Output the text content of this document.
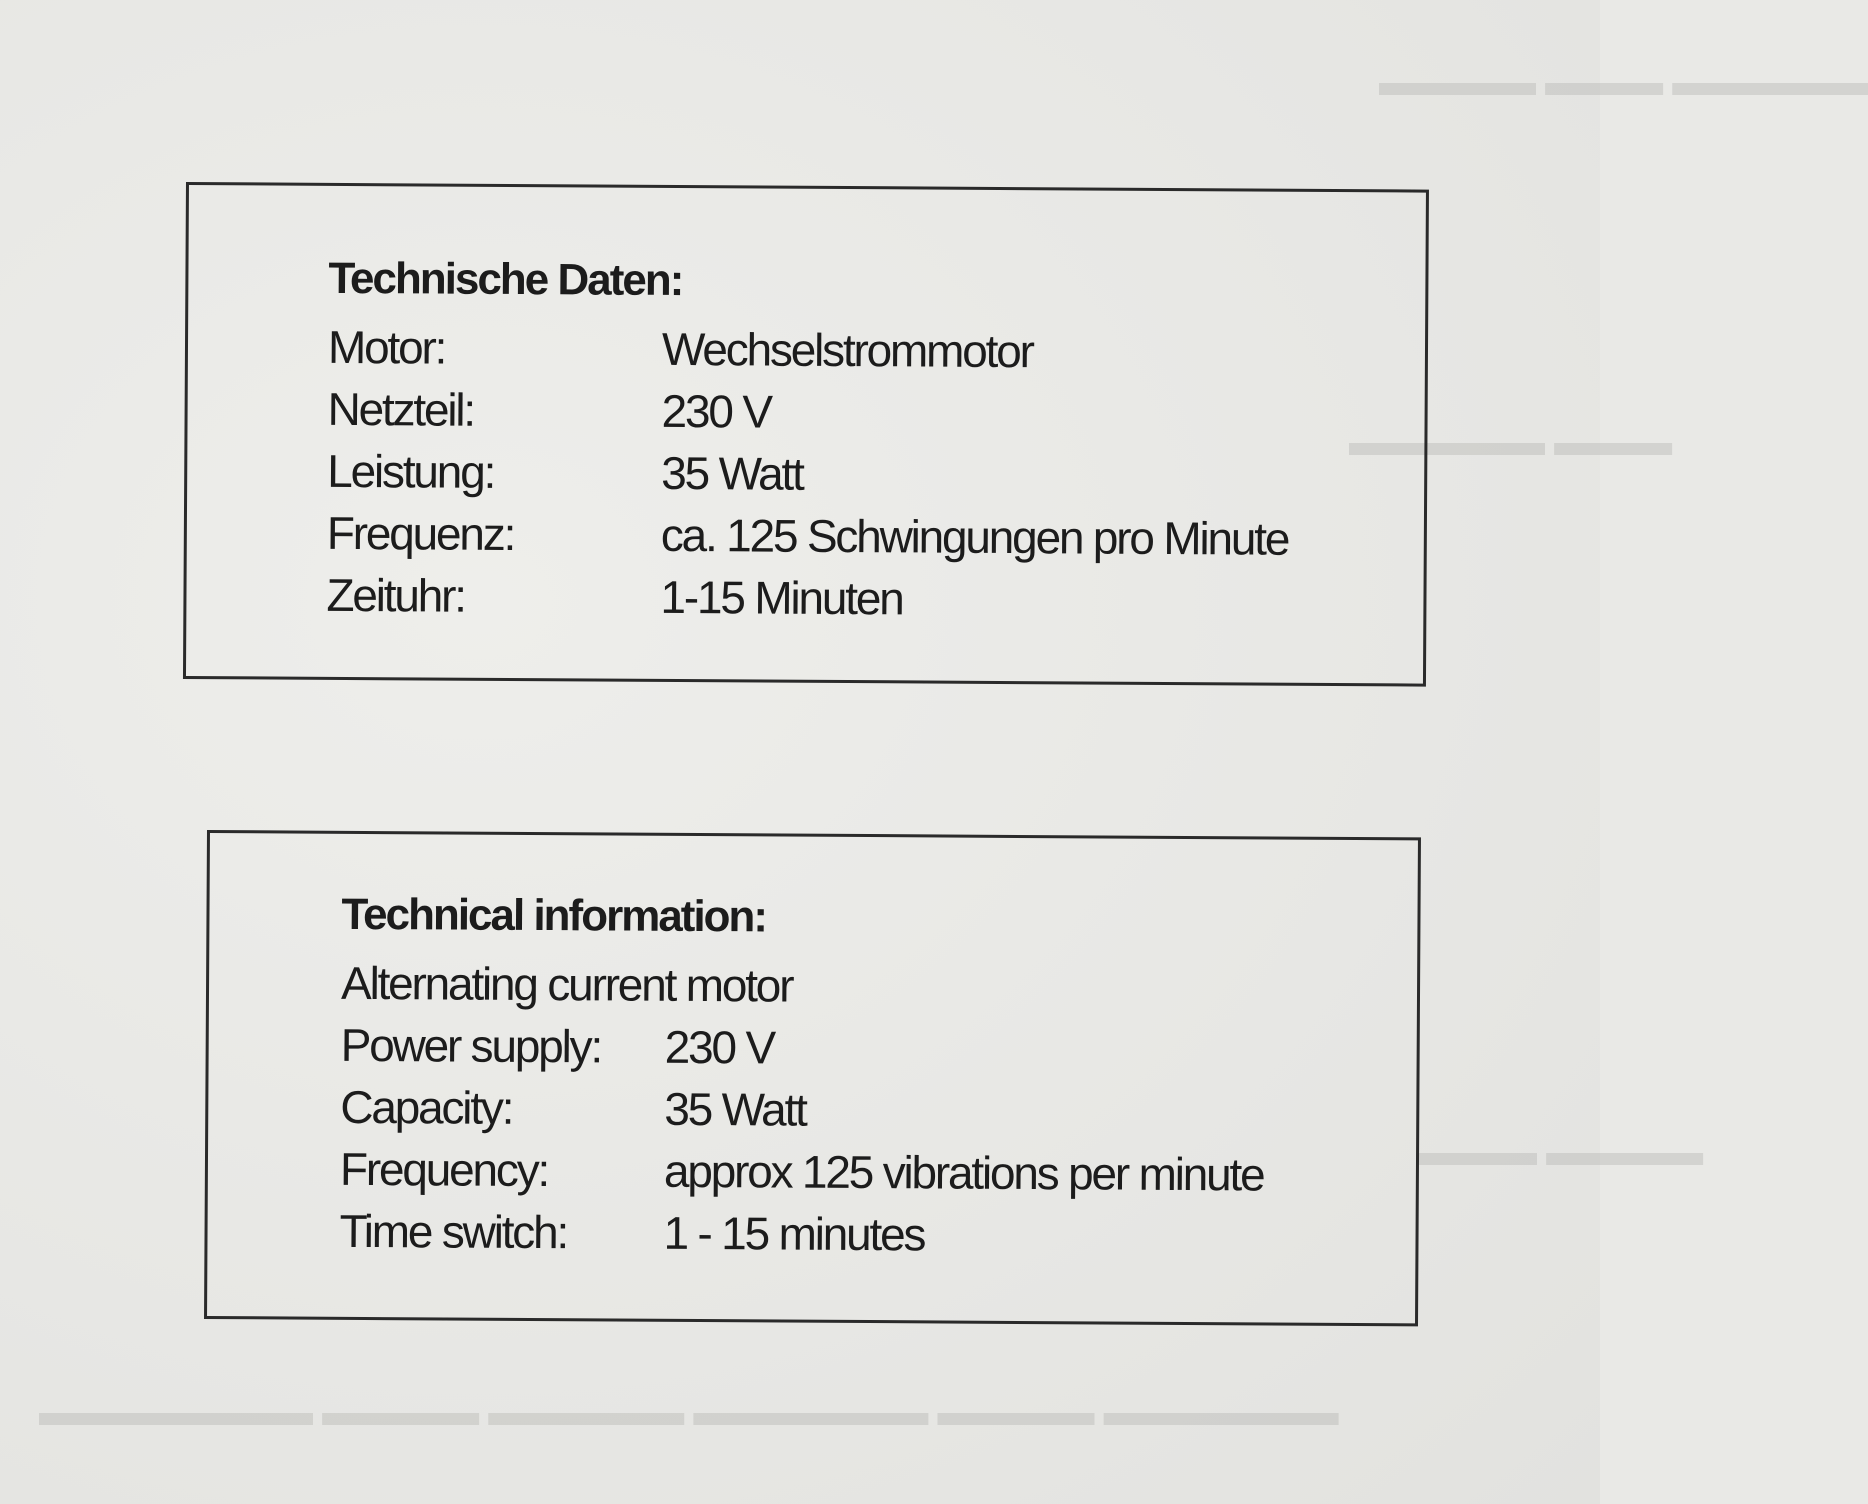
▬▬▬▬▬ ▬▬▬ ▬▬▬▬
▬▬▬ ▬▬▬▬▬
▬▬▬▬ ▬▬▬
▬▬▬▬▬▬ ▬▬▬▬ ▬▬▬▬▬▬ ▬▬▬▬▬ ▬▬▬▬ ▬▬▬▬▬▬▬
Technische Daten:
Motor:	Wechselstrommotor
Netzteil:	230 V
Leistung:	35 Watt
Frequenz:	ca. 125 Schwingungen pro Minute
Zeituhr:	1-15 Minuten
Technical information:
Alternating current motor
Power supply:	230 V
Capacity:	35 Watt
Frequency:	approx 125 vibrations per minute
Time switch:	1 - 15 minutes
